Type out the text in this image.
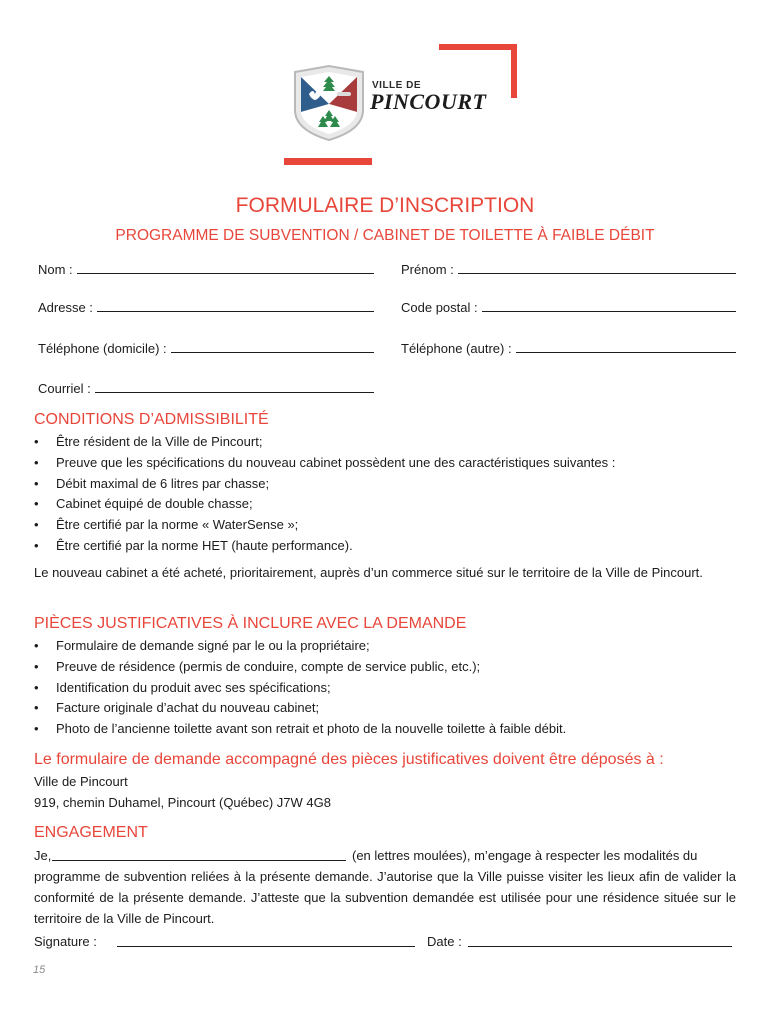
VILLE DE
PINCOURT
FORMULAIRE D’INSCRIPTION
PROGRAMME DE SUBVENTION / CABINET DE TOILETTE À FAIBLE DÉBIT
Nom :	Prénom :
Adresse :	Code postal :
Téléphone (domicile) :	Téléphone (autre) :
Courriel :
CONDITIONS D’ADMISSIBILITÉ
• Être résident de la Ville de Pincourt;
• Preuve que les spécifications du nouveau cabinet possèdent une des caractéristiques suivantes :
• Débit maximal de 6 litres par chasse;
• Cabinet équipé de double chasse;
• Être certifié par la norme « WaterSense »;
• Être certifié par la norme HET (haute performance).
Le nouveau cabinet a été acheté, prioritairement, auprès d’un commerce situé sur le territoire de la Ville de Pincourt.
PIÈCES JUSTIFICATIVES À INCLURE AVEC LA DEMANDE
• Formulaire de demande signé par le ou la propriétaire;
• Preuve de résidence (permis de conduire, compte de service public, etc.);
• Identification du produit avec ses spécifications;
• Facture originale d’achat du nouveau cabinet;
• Photo de l’ancienne toilette avant son retrait et photo de la nouvelle toilette à faible débit.
Le formulaire de demande accompagné des pièces justificatives doivent être déposés à :
Ville de Pincourt
919, chemin Duhamel, Pincourt (Québec) J7W 4G8
ENGAGEMENT
Je,	(en lettres moulées), m’engage à respecter les modalités du
programme de subvention reliées à la présente demande. J’autorise que la Ville puisse visiter les lieux afin de valider la conformité de la présente demande. J’atteste que la subvention demandée est utilisée pour une résidence située sur le territoire de la Ville de Pincourt.
Signature :	Date :
15
